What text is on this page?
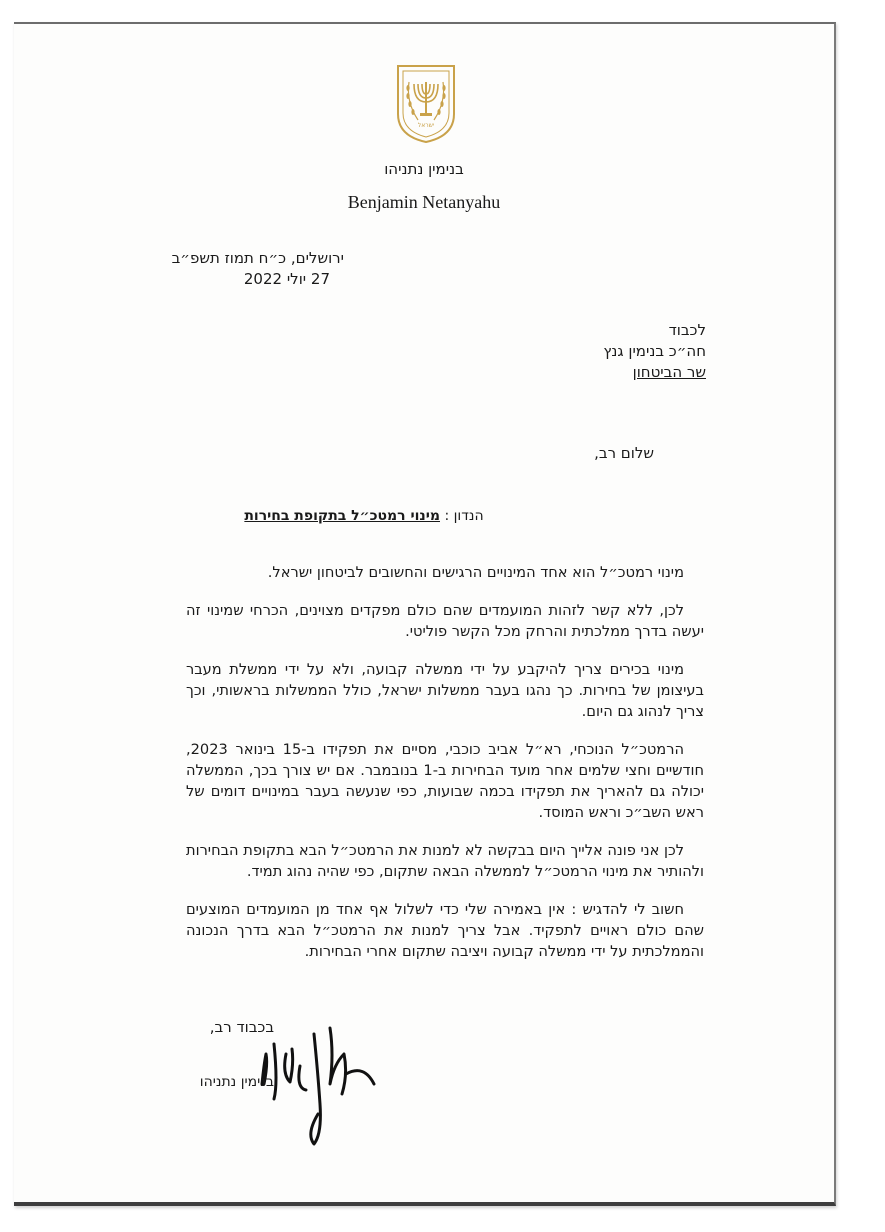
ישראל
בנימין נתניהו
Benjamin Netanyahu
ירושלים, כ״ח תמוז תשפ״ב
27 יולי 2022
לכבוד
חה״כ בנימין גנץ
שר הביטחון
שלום רב,
הנדון : מינוי רמטכ״ל בתקופת בחירות

מינוי רמטכ״ל הוא אחד המינויים הרגישים והחשובים לביטחון ישראל.

לכן, ללא קשר לזהות המועמדים שהם כולם מפקדים מצוינים, הכרחי שמינוי זה יעשה בדרך ממלכתית והרחק מכל הקשר פוליטי.

מינוי בכירים צריך להיקבע על ידי ממשלה קבועה, ולא על ידי ממשלת מעבר בעיצומן של בחירות. כך נהגו בעבר ממשלות ישראל, כולל הממשלות בראשותי, וכך צריך לנהוג גם היום.

הרמטכ״ל הנוכחי, רא״ל אביב כוכבי, מסיים את תפקידו ב-15 בינואר 2023, חודשיים וחצי שלמים אחר מועד הבחירות ב-1 בנובמבר. אם יש צורך בכך, הממשלה יכולה גם להאריך את תפקידו בכמה שבועות, כפי שנעשה בעבר במינויים דומים של ראש השב״כ וראש המוסד.

לכן אני פונה אלייך היום בבקשה לא למנות את הרמטכ״ל הבא בתקופת הבחירות ולהותיר את מינוי הרמטכ״ל לממשלה הבאה שתקום, כפי שהיה נהוג תמיד.

חשוב לי להדגיש : אין באמירה שלי כדי לשלול אף אחד מן המועמדים המוצעים שהם כולם ראויים לתפקיד. אבל צריך למנות את הרמטכ״ל הבא בדרך הנכונה והממלכתית על ידי ממשלה קבועה ויציבה שתקום אחרי הבחירות.

בכבוד רב,
בנימין נתניהו
